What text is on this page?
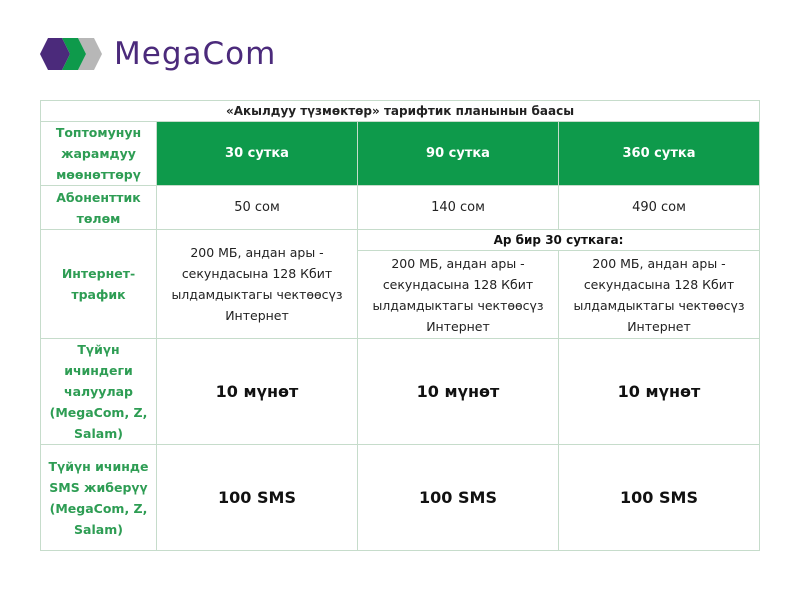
MegaCom
«Акылдуу түзмөктөр» тарифтик планынын баасы			
Топтомунун жарамдуу мөөнөттөрү	30 сутка	90 сутка	360 сутка
Абоненттик төлөм	50 сом	140 сом	490 сом
Интернет-трафик	200 МБ, андан ары - секундасына 128 Кбит ылдамдыктагы чектөөсүз Интернет	Ар бир 30 суткага:	
		200 МБ, андан ары - секундасына 128 Кбит ылдамдыктагы чектөөсүз Интернет	200 МБ, андан ары - секундасына 128 Кбит ылдамдыктагы чектөөсүз Интернет
Түйүн ичиндеги чалуулар (MegaCom, Z, Salam)	10 мүнөт	10 мүнөт	10 мүнөт
Түйүн ичинде SMS жиберүү (MegaCom, Z, Salam)	100 SMS	100 SMS	100 SMS
